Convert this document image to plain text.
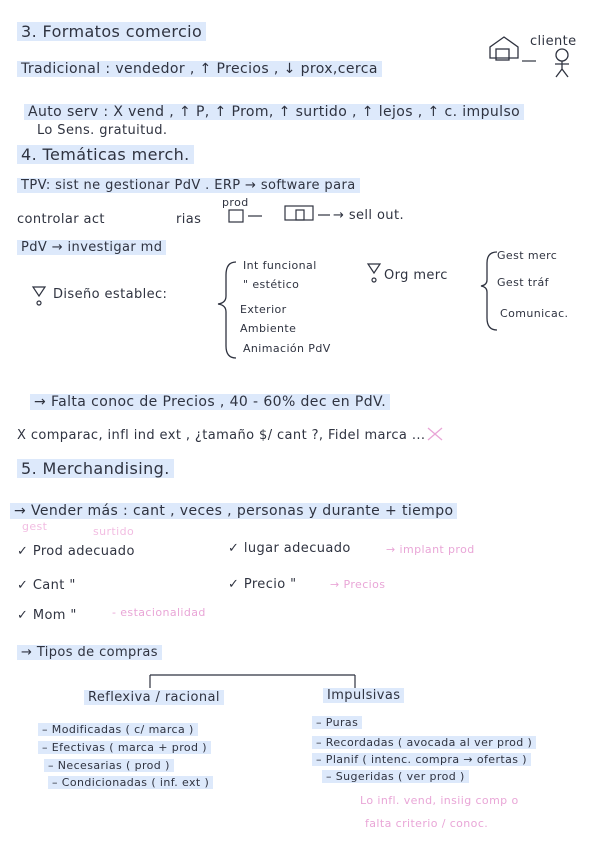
3. Formatos comercio
cliente
Tradicional : vendedor , ↑ Precios , ↓ prox,cerca
Auto serv : X vend , ↑ P, ↑ Prom, ↑ surtido , ↑ lejos , ↑ c. impulso
Lo Sens. gratuitud.
4. Temáticas merch.
TPV: sist ne gestionar PdV . ERP → software para
controlar act	rias
prod
→ sell out.
PdV → investigar md
Diseño establec:
Int funcional
" estético
Exterior
Ambiente
Animación PdV
Org merc
Gest merc
Gest tráf
Comunicac.
→ Falta conoc de Precios , 40 - 60% dec en PdV.
X comparac, infl ind ext , ¿tamaño $/ cant ?, Fidel marca ...
5. Merchandising.
→ Vender más : cant , veces , personas y durante + tiempo
gest	surtido
✓ Prod adecuado	✓ lugar adecuado	→ implant prod
✓ Cant "	✓ Precio "	→ Precios
✓ Mom "	- estacionalidad
→ Tipos de compras
Reflexiva / racional	Impulsivas
– Modificadas ( c/ marca )
– Efectivas ( marca + prod )
– Necesarias ( prod )
– Condicionadas ( inf. ext )
– Puras
– Recordadas ( avocada al ver prod )
– Planif ( intenc. compra → ofertas )
– Sugeridas ( ver prod )
Lo infl. vend, insiig comp o
falta criterio / conoc.
